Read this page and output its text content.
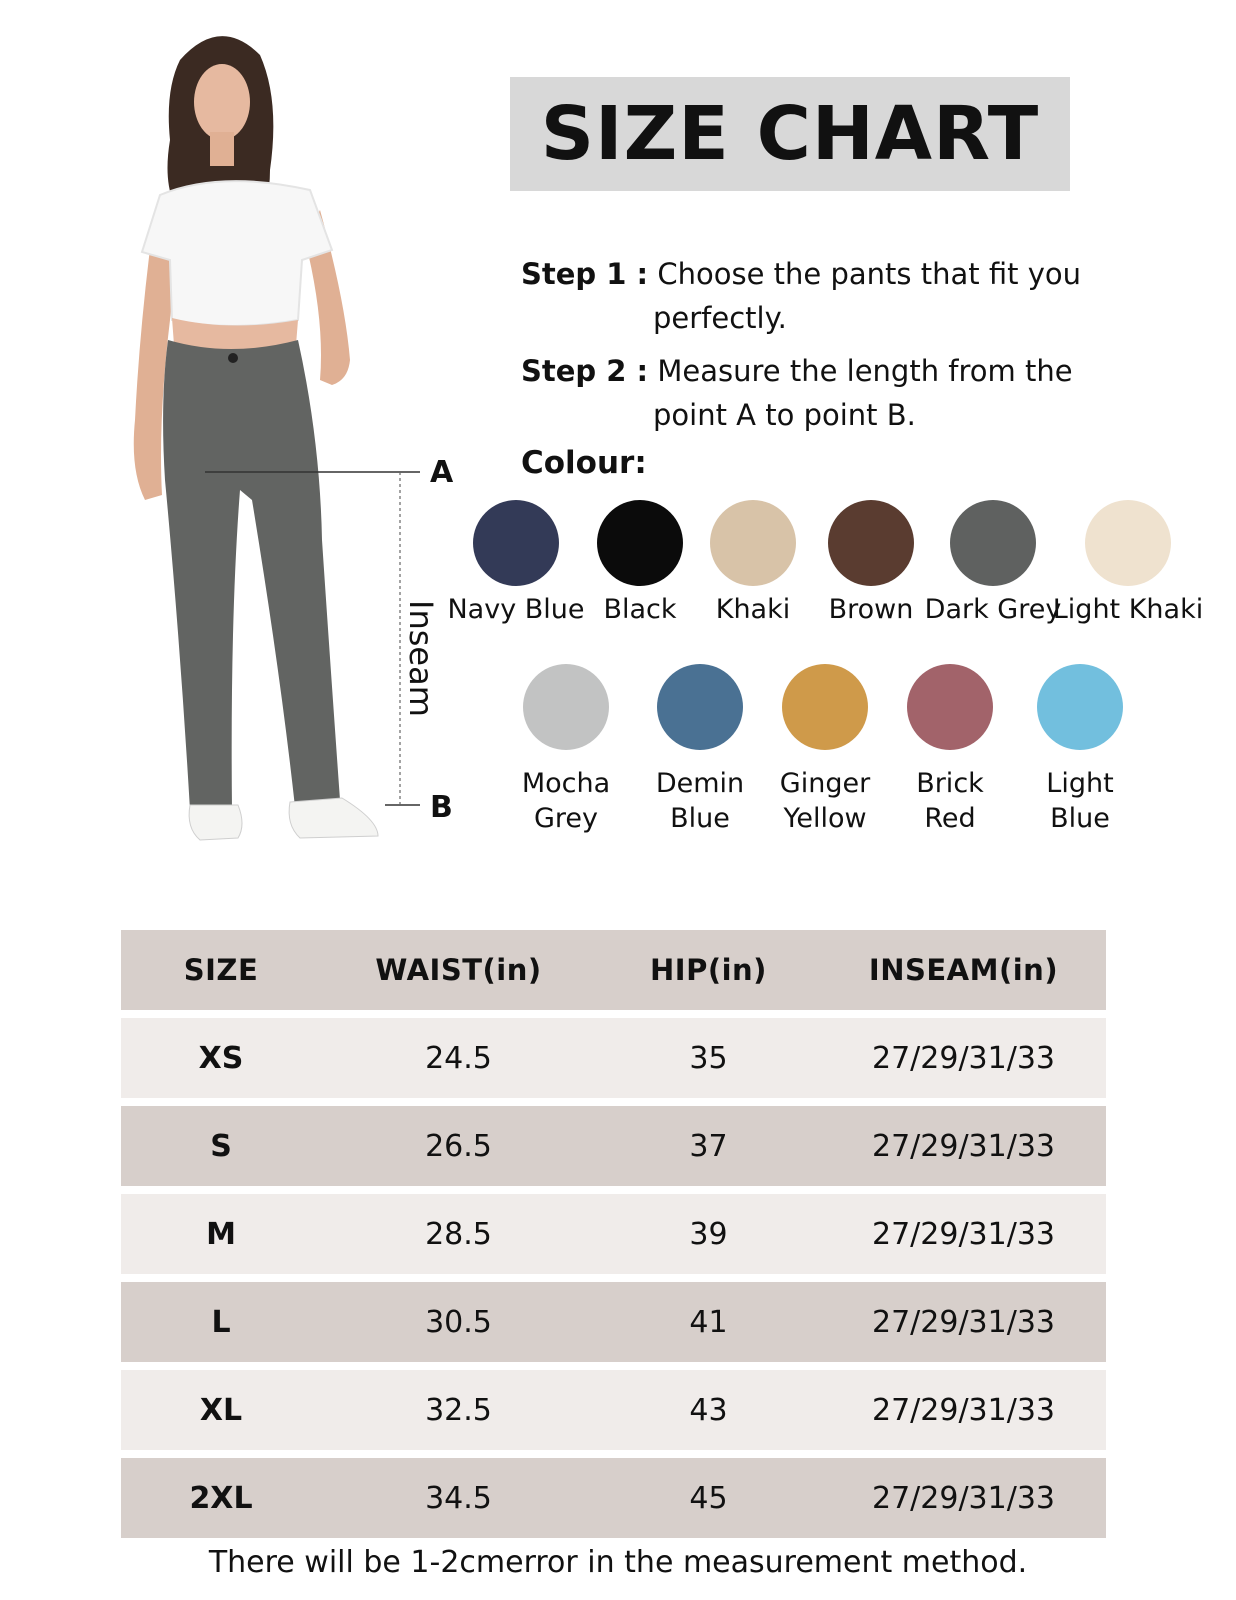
A
B
Inseam
SIZE CHART
Step 1 : Choose the pants that fit you
perfectly.
Step 2 : Measure the length from the
point A to point B.
Colour:
Navy Blue Black	Khaki	Brown Dark Grey
Light Khaki
Mocha
Grey
Demin
Blue
Ginger
Yellow
Brick
Red
Light
Blue
SIZE	WAIST(in)	HIP(in)	INSEAM(in)
XS	24.5	35	27/29/31/33
S	26.5	37	27/29/31/33
M	28.5	39	27/29/31/33
L	30.5	41	27/29/31/33
XL	32.5	43	27/29/31/33
2XL	34.5	45	27/29/31/33
There will be 1-2cmerror in the measurement method.
